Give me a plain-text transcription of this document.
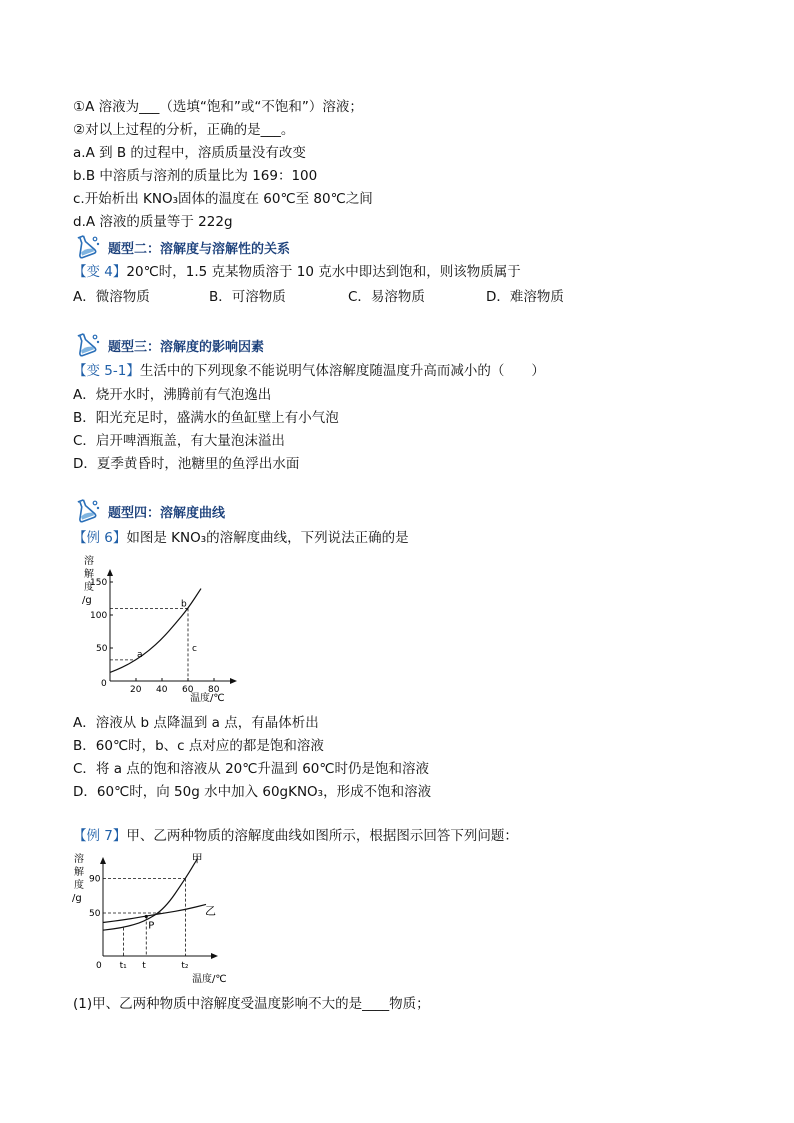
①A 溶液为___（选填“饱和”或“不饱和”）溶液；
②对以上过程的分析，正确的是___。
a.A 到 B 的过程中，溶质质量没有改变
b.B 中溶质与溶剂的质量比为 169：100
c.开始析出 KNO₃固体的温度在 60℃至 80℃之间
d.A 溶液的质量等于 222g
题型二：溶解度与溶解性的关系
【变 4】20℃时，1.5 克某物质溶于 10 克水中即达到饱和，则该物质属于
A．微溶物质	B．可溶物质	C．易溶物质	D．难溶物质
题型三：溶解度的影响因素
【变 5-1】生活中的下列现象不能说明气体溶解度随温度升高而减小的（　　）
A．烧开水时，沸腾前有气泡逸出
B．阳光充足时，盛满水的鱼缸壁上有小气泡
C．启开啤酒瓶盖，有大量泡沫溢出
D．夏季黄昏时，池糖里的鱼浮出水面
题型四：溶解度曲线
【例 6】如图是 KNO₃的溶解度曲线，下列说法正确的是
溶
解
度
/g
0
20 40 60 80
50
100
150
a
b
c
温度/℃
A．溶液从 b 点降温到 a 点，有晶体析出
B．60℃时，b、c 点对应的都是饱和溶液
C．将 a 点的饱和溶液从 20℃升温到 60℃时仍是饱和溶液
D．60℃时，向 50g 水中加入 60gKNO₃，形成不饱和溶液
【例 7】甲、乙两种物质的溶解度曲线如图所示，根据图示回答下列问题：
溶
解
度
/g
0 t₁ t	t₂
50
90
P
甲
乙
温度/℃
(1)甲、乙两种物质中溶解度受温度影响不大的是____物质；
